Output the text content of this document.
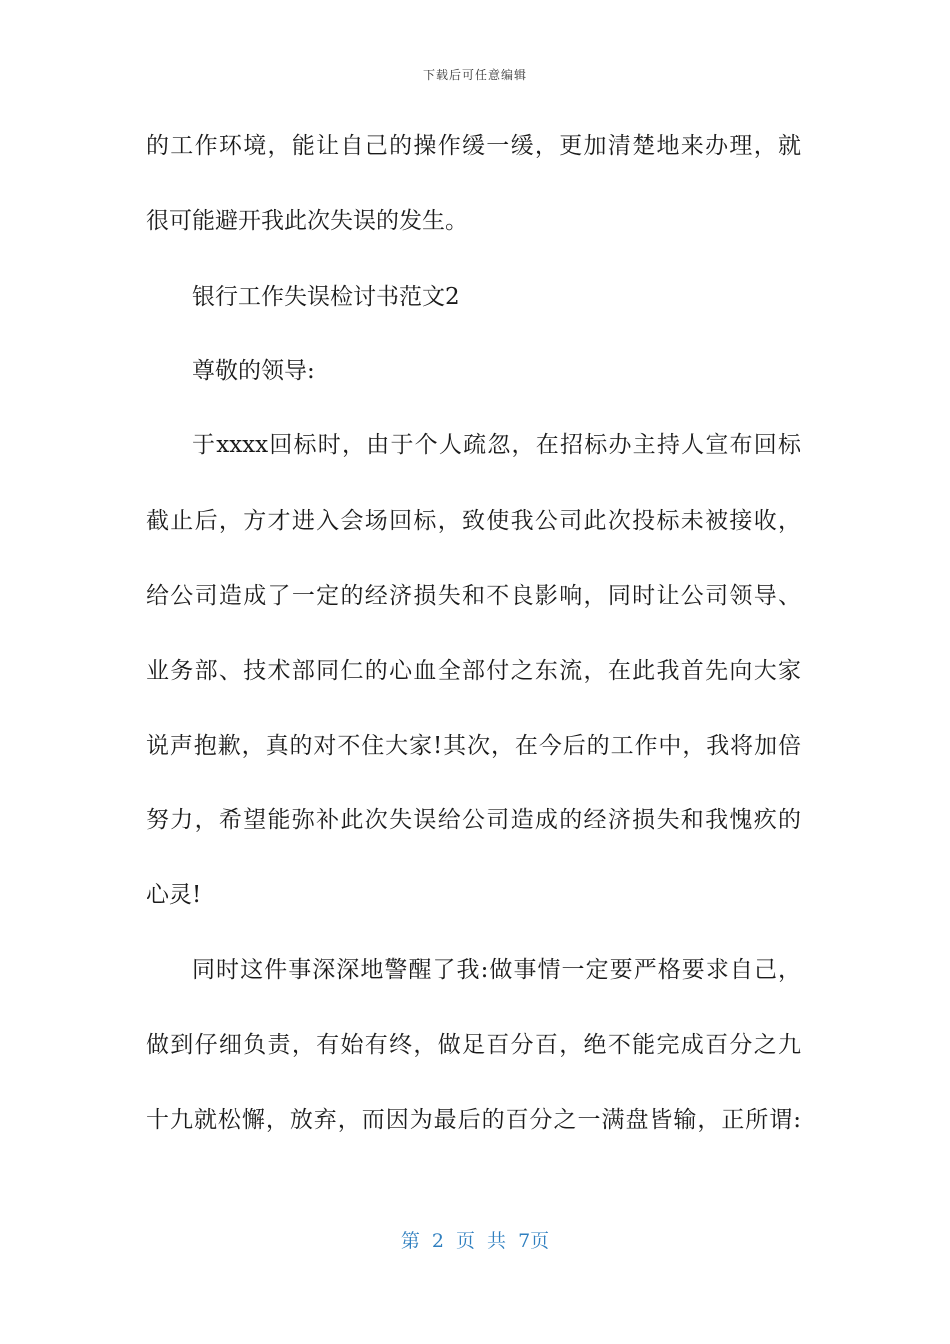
下载后可任意编辑
的工作环境，能让自己的操作缓一缓，更加清楚地来办理，就
很可能避开我此次失误的发生。
银行工作失误检讨书范文2
尊敬的领导:
于xxxx回标时，由于个人疏忽，在招标办主持人宣布回标
截止后，方才进入会场回标，致使我公司此次投标未被接收，
给公司造成了一定的经济损失和不良影响，同时让公司领导、
业务部、技术部同仁的心血全部付之东流，在此我首先向大家
说声抱歉，真的对不住大家!其次，在今后的工作中，我将加倍
努力，希望能弥补此次失误给公司造成的经济损失和我愧疚的
心灵!
同时这件事深深地警醒了我:做事情一定要严格要求自己，
做到仔细负责，有始有终，做足百分百，绝不能完成百分之九
十九就松懈，放弃，而因为最后的百分之一满盘皆输，正所谓:
第 2 页 共 7页
